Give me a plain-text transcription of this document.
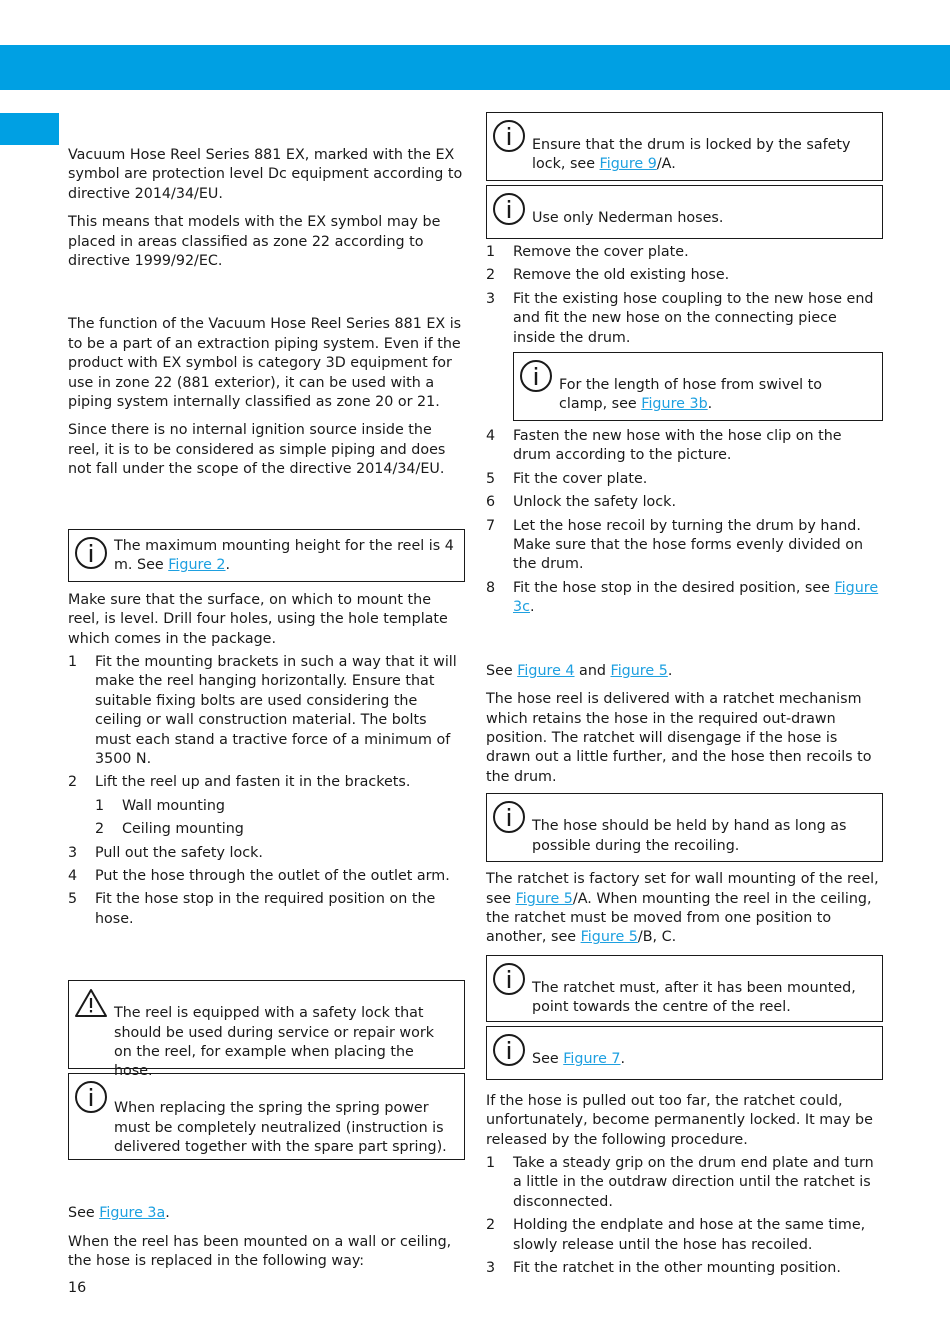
Vacuum Hose Reel Series 881 EX, marked with the EX symbol are protection level Dc equipment according to directive 2014/34/EU.

This means that models with the EX symbol may be placed in areas classified as zone 22 according to directive 1999/92/EC.

The function of the Vacuum Hose Reel Series 881 EX is to be a part of an extraction piping system. Even if the product with EX symbol is category 3D equipment for use in zone 22 (881 exterior), it can be used with a piping system internally classified as zone 20 or 21.

Since there is no internal ignition source inside the reel, it is to be considered as simple piping and does not fall under the scope of the directive 2014/34/EU.

The maximum mounting height for the reel is 4 m. See Figure 2.

Make sure that the surface, on which to mount the reel, is level. Drill four holes, using the hole template which comes in the package.

1 Fit the mounting brackets in such a way that it will make the reel hanging horizontally. Ensure that suitable fixing bolts are used considering the ceiling or wall construction material. The bolts must each stand a tractive force of a minimum of 3500 N.
2 Lift the reel up and fasten it in the brackets.
1 Wall mounting
2 Ceiling mounting
3 Pull out the safety lock.
4 Put the hose through the outlet of the outlet arm.
5 Fit the hose stop in the required position on the hose.
The reel is equipped with a safety lock that should be used during service or repair work on the reel, for example when placing the hose.
When replacing the spring the spring power must be completely neutralized (instruction is delivered together with the spare part spring).

See Figure 3a.

When the reel has been mounted on a wall or ceiling, the hose is replaced in the following way:

Ensure that the drum is locked by the safety lock, see Figure 9/A.
Use only Nederman hoses.
1 Remove the cover plate.
2 Remove the old existing hose.
3 Fit the existing hose coupling to the new hose end and fit the new hose on the connecting piece inside the drum.
For the length of hose from swivel to clamp, see Figure 3b.
4 Fasten the new hose with the hose clip on the drum according to the picture.
5 Fit the cover plate.
6 Unlock the safety lock.
7 Let the hose recoil by turning the drum by hand. Make sure that the hose forms evenly divided on the drum.
8 Fit the hose stop in the desired position, see Figure 3c.

See Figure 4 and Figure 5.

The hose reel is delivered with a ratchet mechanism which retains the hose in the required out-drawn position. The ratchet will disengage if the hose is drawn out a little further, and the hose then recoils to the drum.

The hose should be held by hand as long as possible during the recoiling.

The ratchet is factory set for wall mounting of the reel, see Figure 5/A. When mounting the reel in the ceiling, the ratchet must be moved from one position to another, see Figure 5/B, C.

The ratchet must, after it has been mounted, point towards the centre of the reel.
See Figure 7.

If the hose is pulled out too far, the ratchet could, unfortunately, become permanently locked. It may be released by the following procedure.

1 Take a steady grip on the drum end plate and turn a little in the outdraw direction until the ratchet is disconnected.
2 Holding the endplate and hose at the same time, slowly release until the hose has recoiled.
3 Fit the ratchet in the other mounting position.
16
